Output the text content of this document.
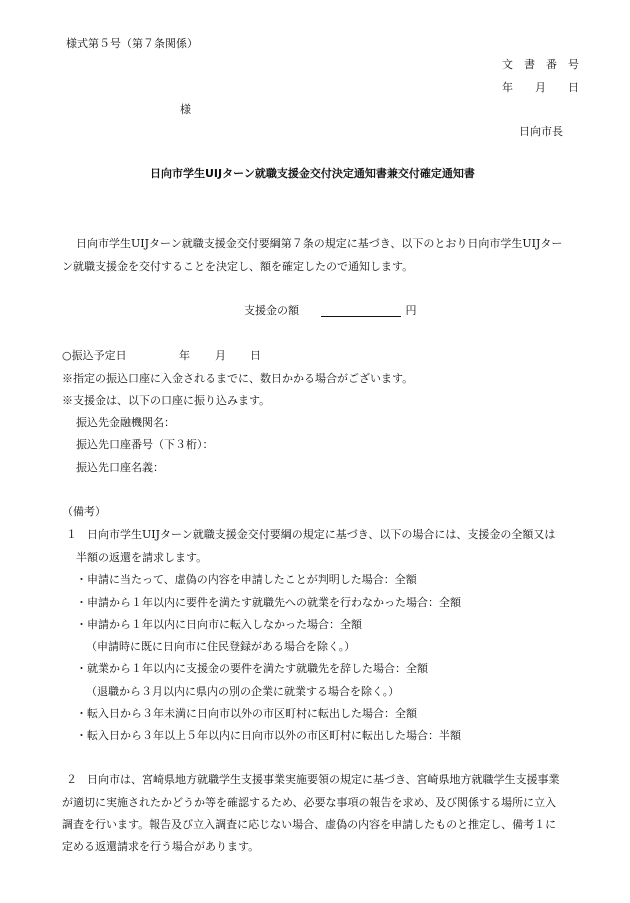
様式第５号（第７条関係）
文　書　番　号
年　　月　　日
様
日向市長
日向市学生UIJターン就職支援金交付決定通知書兼交付確定通知書
日向市学生UIJターン就職支援金交付要綱第７条の規定に基づき、以下のとおり日向市学生UIJター
ン就職支援金を交付することを決定し、額を確定したので通知します。
支援金の額	円
○振込予定日	年 月 日
※指定の振込口座に入金されるまでに、数日かかる場合がございます。
※支援金は、以下の口座に振り込みます。
振込先金融機関名：
振込先口座番号（下３桁）：
振込先口座名義：
（備考）
１ 日向市学生UIJターン就職支援金交付要綱の規定に基づき、以下の場合には、支援金の全額又は
半額の返還を請求します。
・申請に当たって、虚偽の内容を申請したことが判明した場合：全額
・申請から１年以内に要件を満たす就職先への就業を行わなかった場合：全額
・申請から１年以内に日向市に転入しなかった場合：全額
（申請時に既に日向市に住民登録がある場合を除く。）
・就業から１年以内に支援金の要件を満たす就職先を辞した場合：全額
（退職から３月以内に県内の別の企業に就業する場合を除く。）
・転入日から３年未満に日向市以外の市区町村に転出した場合：全額
・転入日から３年以上５年以内に日向市以外の市区町村に転出した場合：半額
２ 日向市は、宮崎県地方就職学生支援事業実施要領の規定に基づき、宮崎県地方就職学生支援事業
が適切に実施されたかどうか等を確認するため、必要な事項の報告を求め、及び関係する場所に立入
調査を行います。報告及び立入調査に応じない場合、虚偽の内容を申請したものと推定し、備考１に
定める返還請求を行う場合があります。
